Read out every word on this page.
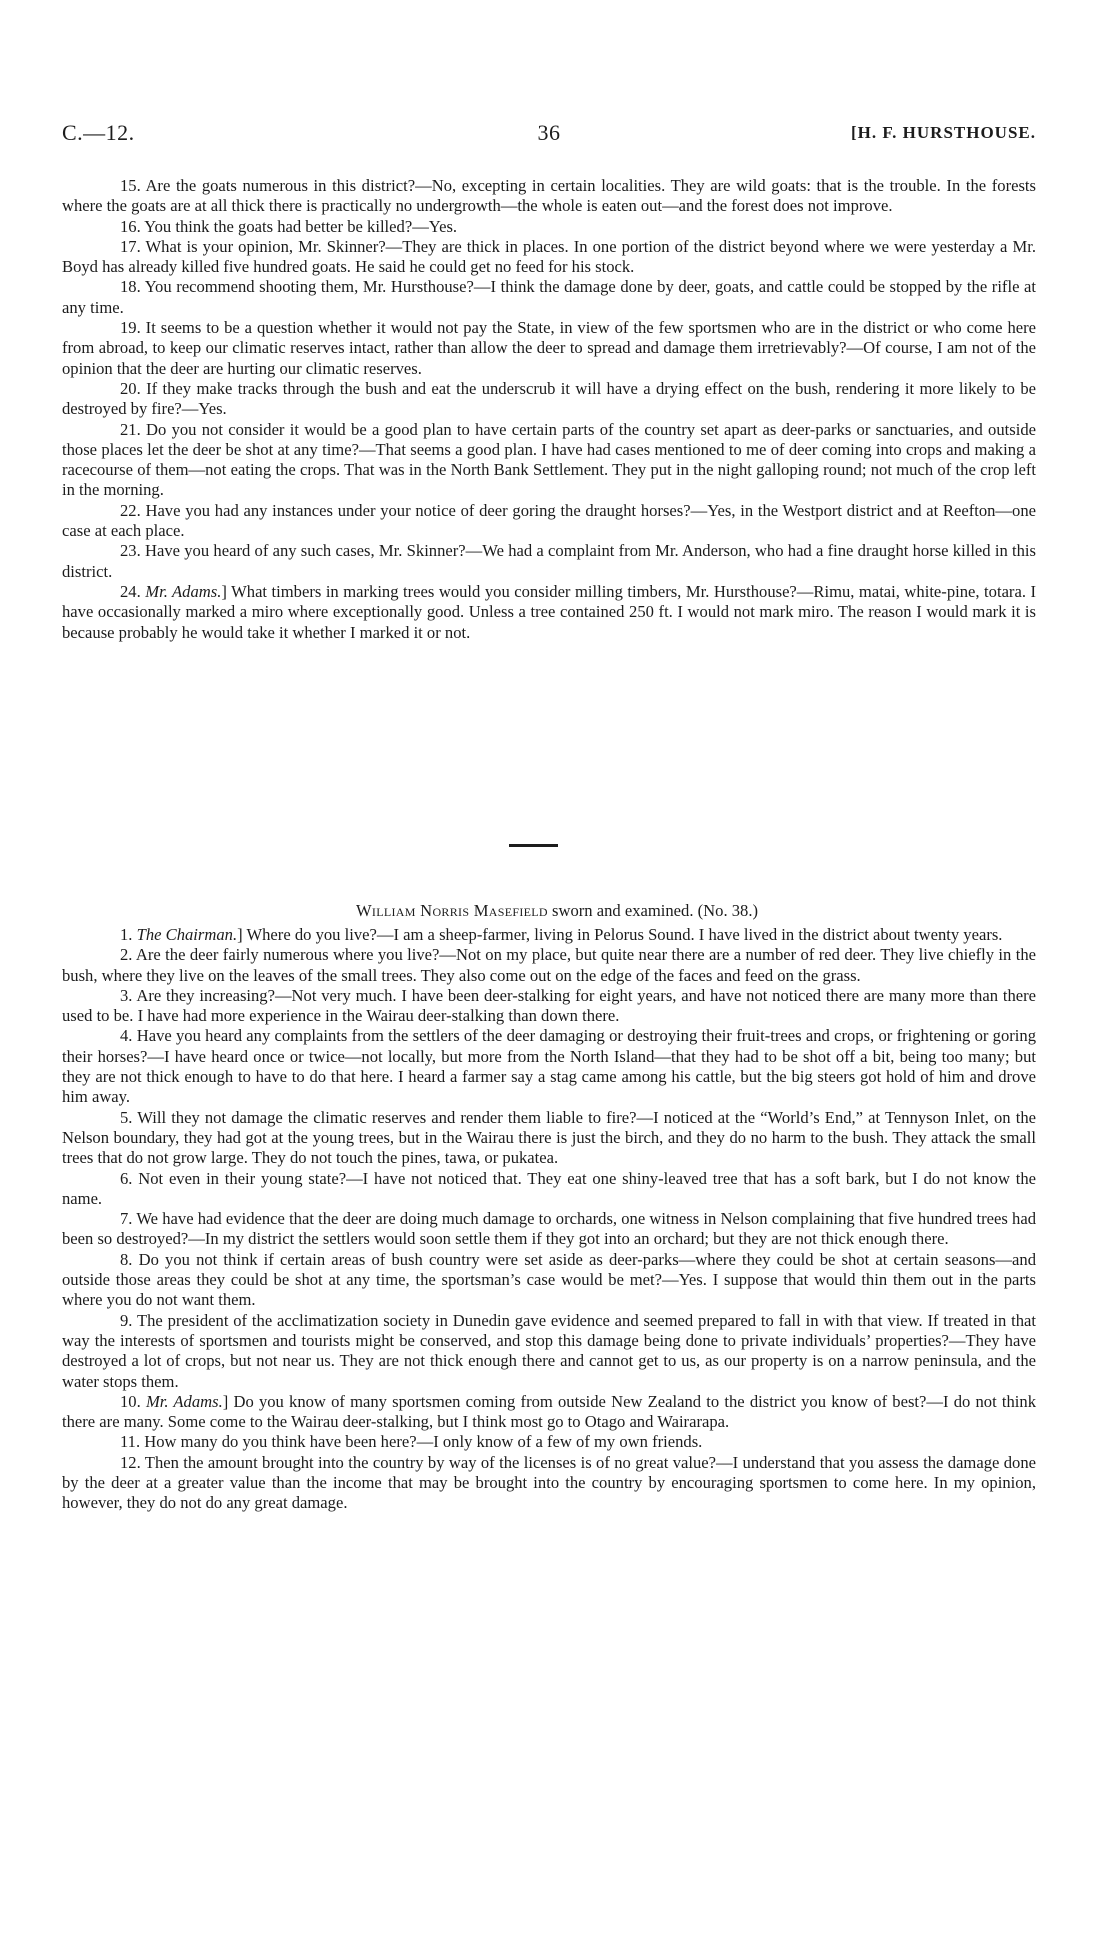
C.—12.	36	[H. F. HURSTHOUSE.

15. Are the goats numerous in this district?—No, excepting in certain localities. They are wild goats: that is the trouble. In the forests where the goats are at all thick there is practically no undergrowth—the whole is eaten out—and the forest does not improve.

16. You think the goats had better be killed?—Yes.

17. What is your opinion, Mr. Skinner?—They are thick in places. In one portion of the district beyond where we were yesterday a Mr. Boyd has already killed five hundred goats. He said he could get no feed for his stock.

18. You recommend shooting them, Mr. Hursthouse?—I think the damage done by deer, goats, and cattle could be stopped by the rifle at any time.

19. It seems to be a question whether it would not pay the State, in view of the few sportsmen who are in the district or who come here from abroad, to keep our climatic reserves intact, rather than allow the deer to spread and damage them irretrievably?—Of course, I am not of the opinion that the deer are hurting our climatic reserves.

20. If they make tracks through the bush and eat the underscrub it will have a drying effect on the bush, rendering it more likely to be destroyed by fire?—Yes.

21. Do you not consider it would be a good plan to have certain parts of the country set apart as deer-parks or sanctuaries, and outside those places let the deer be shot at any time?—That seems a good plan. I have had cases mentioned to me of deer coming into crops and making a racecourse of them—not eating the crops. That was in the North Bank Settlement. They put in the night galloping round; not much of the crop left in the morning.

22. Have you had any instances under your notice of deer goring the draught horses?—Yes, in the Westport district and at Reefton—one case at each place.

23. Have you heard of any such cases, Mr. Skinner?—We had a complaint from Mr. Anderson, who had a fine draught horse killed in this district.

24. Mr. Adams.] What timbers in marking trees would you consider milling timbers, Mr. Hursthouse?—Rimu, matai, white-pine, totara. I have occasionally marked a miro where exceptionally good. Unless a tree contained 250 ft. I would not mark miro. The reason I would mark it is because probably he would take it whether I marked it or not.

William Norris Masefield sworn and examined. (No. 38.)

1. The Chairman.] Where do you live?—I am a sheep-farmer, living in Pelorus Sound. I have lived in the district about twenty years.

2. Are the deer fairly numerous where you live?—Not on my place, but quite near there are a number of red deer. They live chiefly in the bush, where they live on the leaves of the small trees. They also come out on the edge of the faces and feed on the grass.

3. Are they increasing?—Not very much. I have been deer-stalking for eight years, and have not noticed there are many more than there used to be. I have had more experience in the Wairau deer-stalking than down there.

4. Have you heard any complaints from the settlers of the deer damaging or destroying their fruit-trees and crops, or frightening or goring their horses?—I have heard once or twice—not locally, but more from the North Island—that they had to be shot off a bit, being too many; but they are not thick enough to have to do that here. I heard a farmer say a stag came among his cattle, but the big steers got hold of him and drove him away.

5. Will they not damage the climatic reserves and render them liable to fire?—I noticed at the “World’s End,” at Tennyson Inlet, on the Nelson boundary, they had got at the young trees, but in the Wairau there is just the birch, and they do no harm to the bush. They attack the small trees that do not grow large. They do not touch the pines, tawa, or pukatea.

6. Not even in their young state?—I have not noticed that. They eat one shiny-leaved tree that has a soft bark, but I do not know the name.

7. We have had evidence that the deer are doing much damage to orchards, one witness in Nelson complaining that five hundred trees had been so destroyed?—In my district the settlers would soon settle them if they got into an orchard; but they are not thick enough there.

8. Do you not think if certain areas of bush country were set aside as deer-parks—where they could be shot at certain seasons—and outside those areas they could be shot at any time, the sportsman’s case would be met?—Yes. I suppose that would thin them out in the parts where you do not want them.

9. The president of the acclimatization society in Dunedin gave evidence and seemed prepared to fall in with that view. If treated in that way the interests of sportsmen and tourists might be conserved, and stop this damage being done to private individuals’ properties?—They have destroyed a lot of crops, but not near us. They are not thick enough there and cannot get to us, as our property is on a narrow peninsula, and the water stops them.

10. Mr. Adams.] Do you know of many sportsmen coming from outside New Zealand to the district you know of best?—I do not think there are many. Some come to the Wairau deer-stalking, but I think most go to Otago and Wairarapa.

11. How many do you think have been here?—I only know of a few of my own friends.

12. Then the amount brought into the country by way of the licenses is of no great value?—I understand that you assess the damage done by the deer at a greater value than the income that may be brought into the country by encouraging sportsmen to come here. In my opinion, however, they do not do any great damage.
